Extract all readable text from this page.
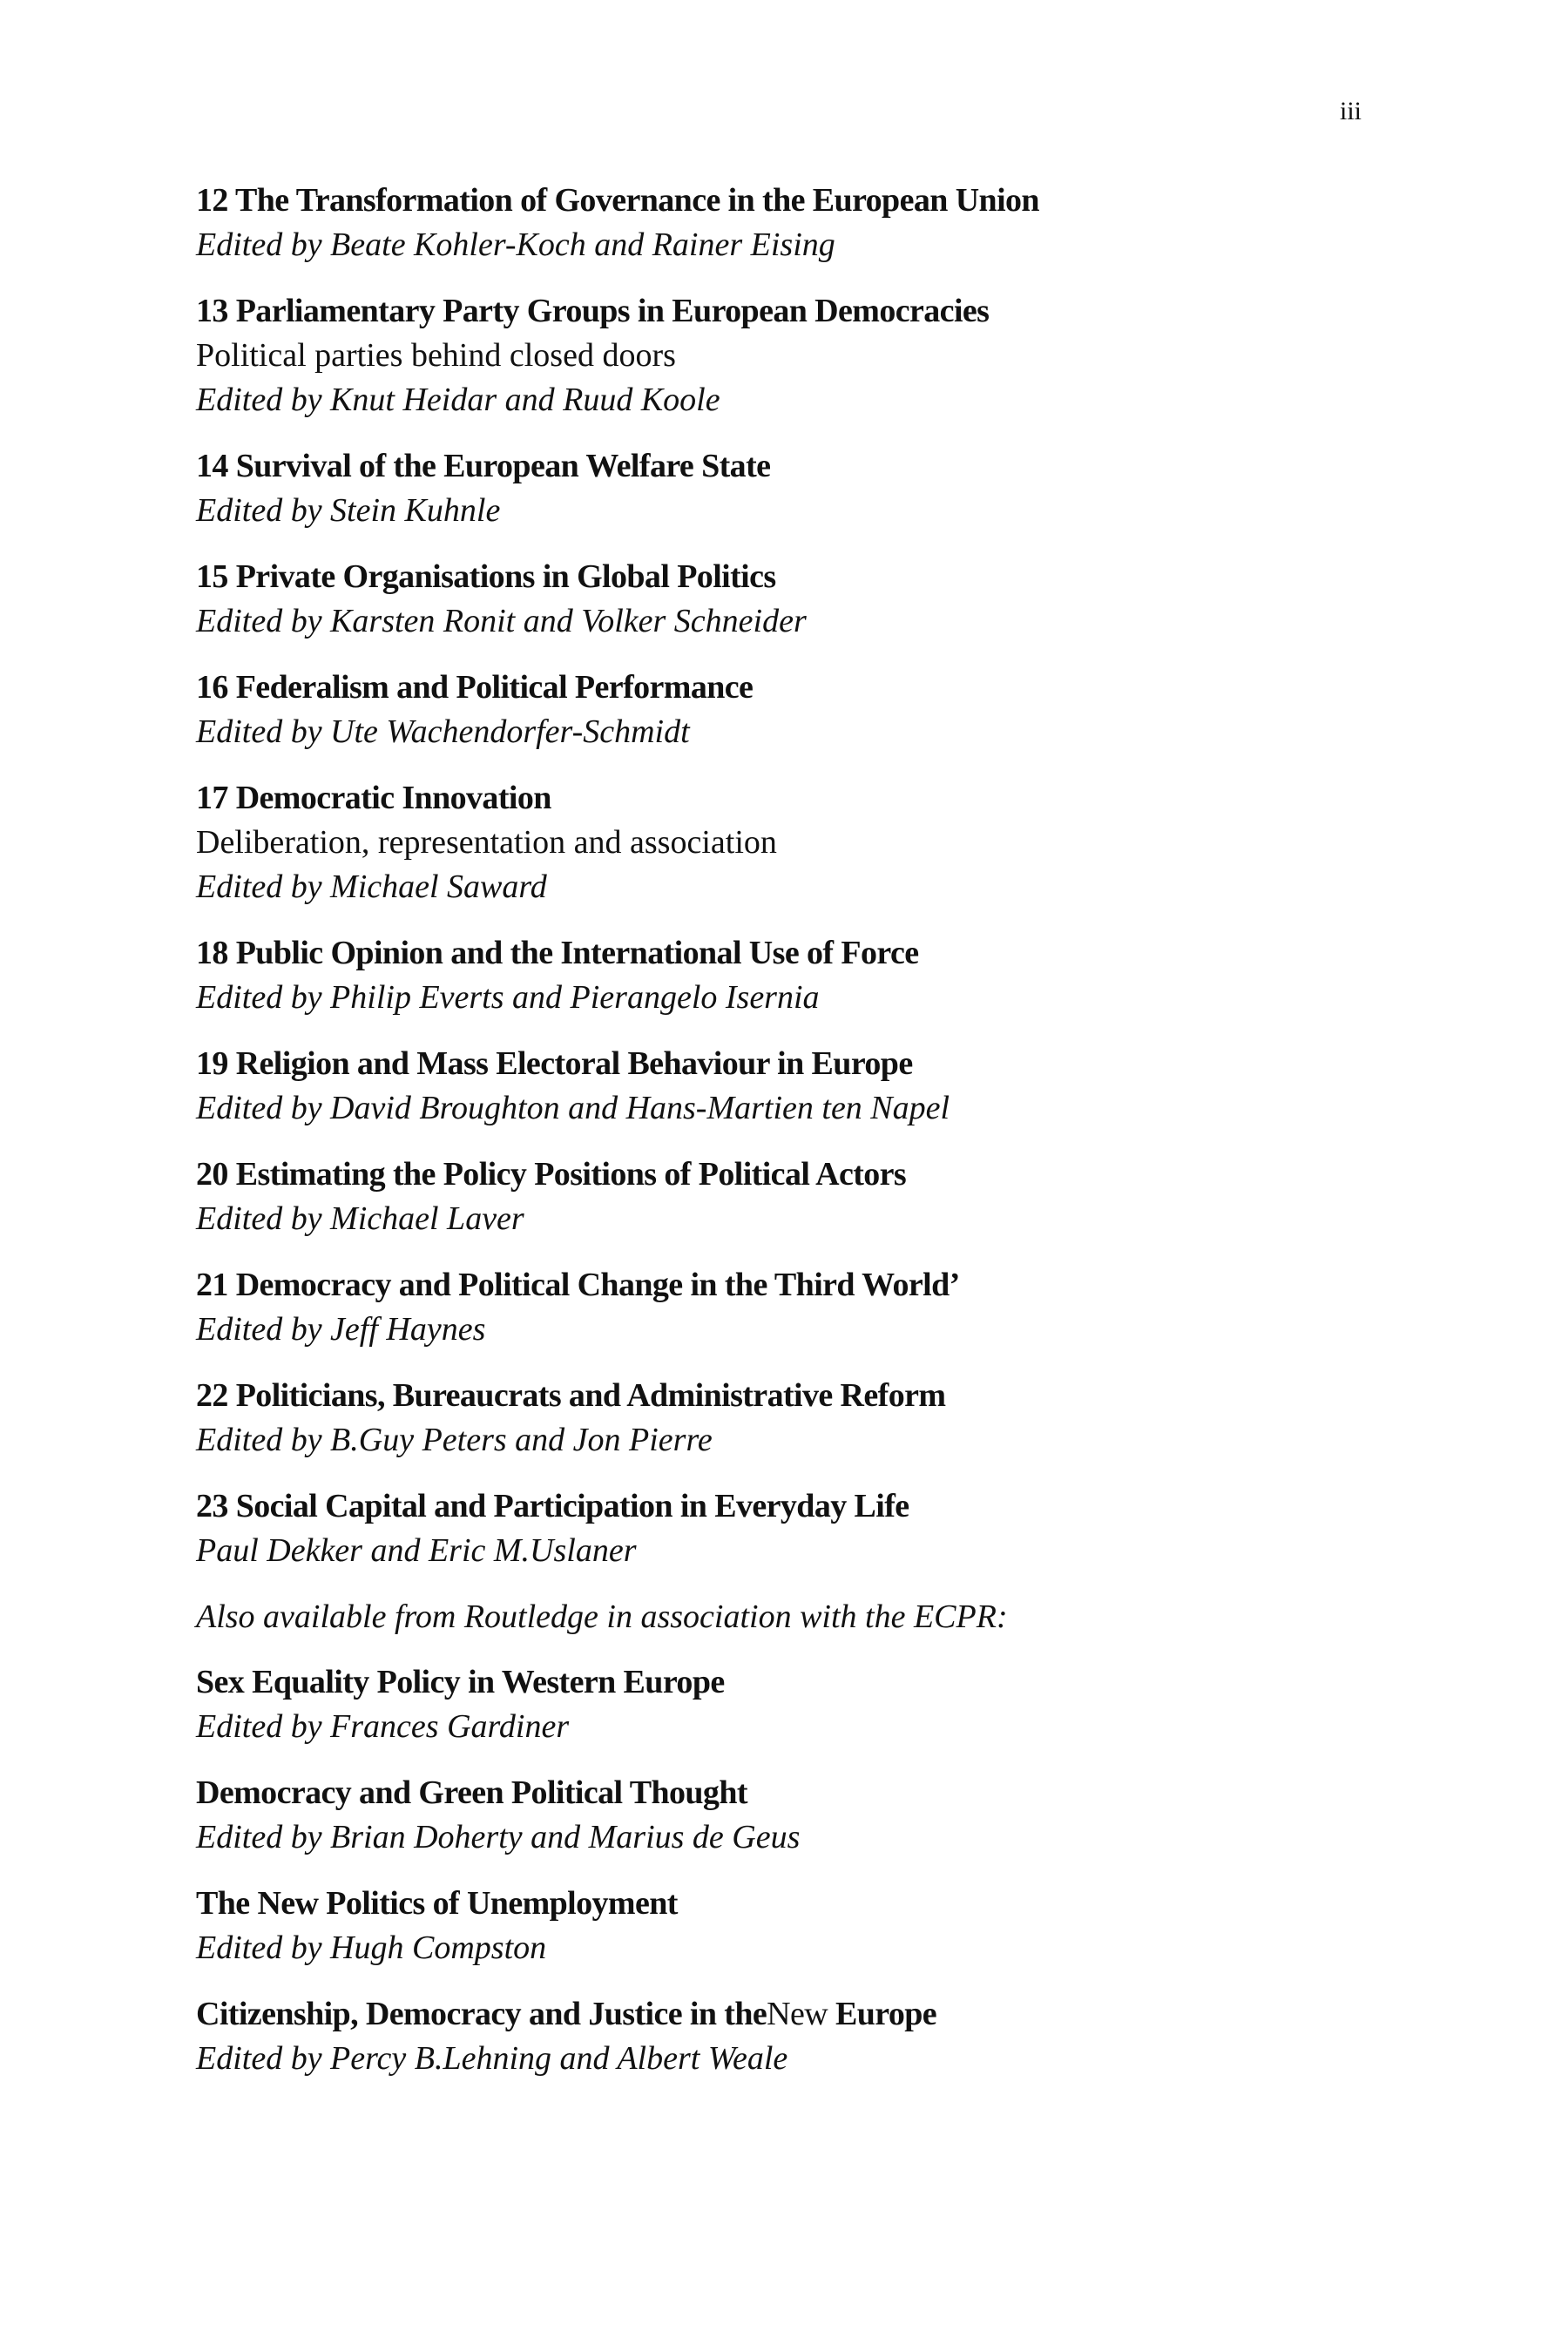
iii
12 The Transformation of Governance in the European Union
Edited by Beate Kohler-Koch and Rainer Eising
13 Parliamentary Party Groups in European Democracies
Political parties behind closed doors
Edited by Knut Heidar and Ruud Koole
14 Survival of the European Welfare State
Edited by Stein Kuhnle
15 Private Organisations in Global Politics
Edited by Karsten Ronit and Volker Schneider
16 Federalism and Political Performance
Edited by Ute Wachendorfer-Schmidt
17 Democratic Innovation
Deliberation, representation and association
Edited by Michael Saward
18 Public Opinion and the International Use of Force
Edited by Philip Everts and Pierangelo Isernia
19 Religion and Mass Electoral Behaviour in Europe
Edited by David Broughton and Hans-Martien ten Napel
20 Estimating the Policy Positions of Political Actors
Edited by Michael Laver
21 Democracy and Political Change in the Third World’
Edited by Jeff Haynes
22 Politicians, Bureaucrats and Administrative Reform
Edited by B.Guy Peters and Jon Pierre
23 Social Capital and Participation in Everyday Life
Paul Dekker and Eric M.Uslaner
Also available from Routledge in association with the ECPR:
Sex Equality Policy in Western Europe
Edited by Frances Gardiner
Democracy and Green Political Thought
Edited by Brian Doherty and Marius de Geus
The New Politics of Unemployment
Edited by Hugh Compston
Citizenship, Democracy and Justice in theNew Europe
Edited by Percy B.Lehning and Albert Weale
